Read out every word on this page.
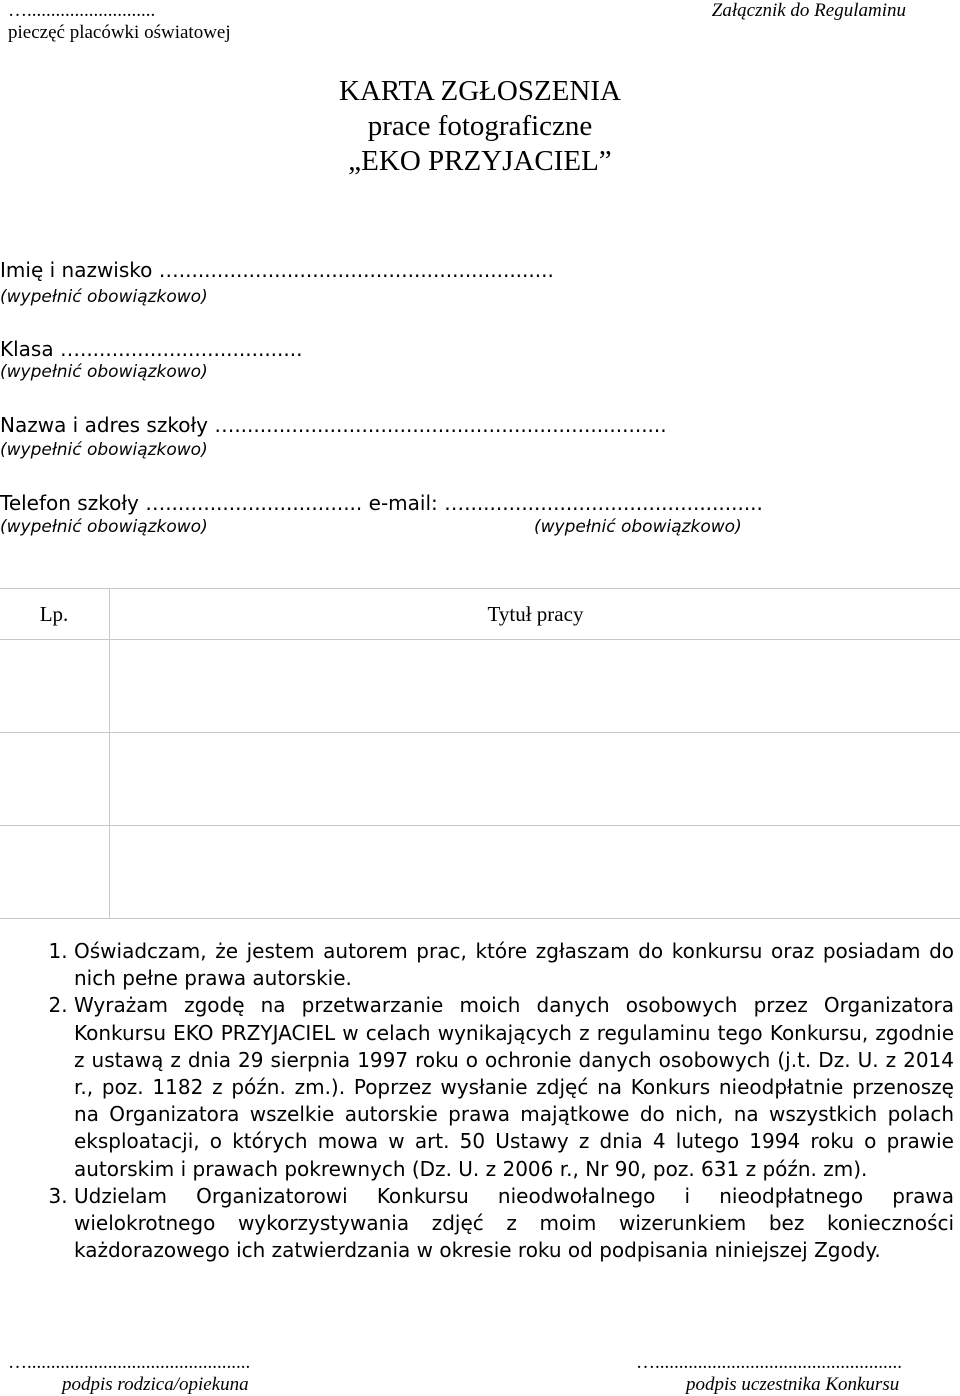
…...........................
pieczęć placówki oświatowej
Załącznik do Regulaminu
KARTA ZGŁOSZENIA
prace fotograficzne
„EKO PRZYJACIEL”
Imię i nazwisko …...........................................................
(wypełnić obowiązkowo)
Klasa …...................................
(wypełnić obowiązkowo)
Nazwa i adres szkoły …....................................................................
(wypełnić obowiązkowo)
Telefon szkoły …............................... e-mail: …...............................................
(wypełnić obowiązkowo)	(wypełnić obowiązkowo)
Lp.	Tytuł pracy

1. Oświadczam, że jestem autorem prac, które zgłaszam do konkursu oraz posiadam do nich pełne prawa autorskie.
2. Wyrażam zgodę na przetwarzanie moich danych osobowych przez Organizatora Konkursu EKO PRZYJACIEL w celach wynikających z regulaminu tego Konkursu, zgodnie z ustawą z dnia 29 sierpnia 1997 roku o ochronie danych osobowych (j.t. Dz. U. z 2014 r., poz. 1182 z późn. zm.). Poprzez wysłanie zdjęć na Konkurs nieodpłatnie przenoszę na Organizatora wszelkie autorskie prawa majątkowe do nich, na wszystkich polach eksploatacji, o których mowa w art. 50 Ustawy z dnia 4 lutego 1994 roku o prawie autorskim i prawach pokrewnych (Dz. U. z 2006 r., Nr 90, poz. 631 z późn. zm).
3. Udzielam Organizatorowi Konkursu nieodwołalnego i nieodpłatnego prawa wielokrotnego wykorzystywania zdjęć z moim wizerunkiem bez konieczności każdorazowego ich zatwierdzania w okresie roku od podpisania niniejszej Zgody.
…...............................................	…....................................................
podpis rodzica/opiekuna	podpis uczestnika Konkursu
